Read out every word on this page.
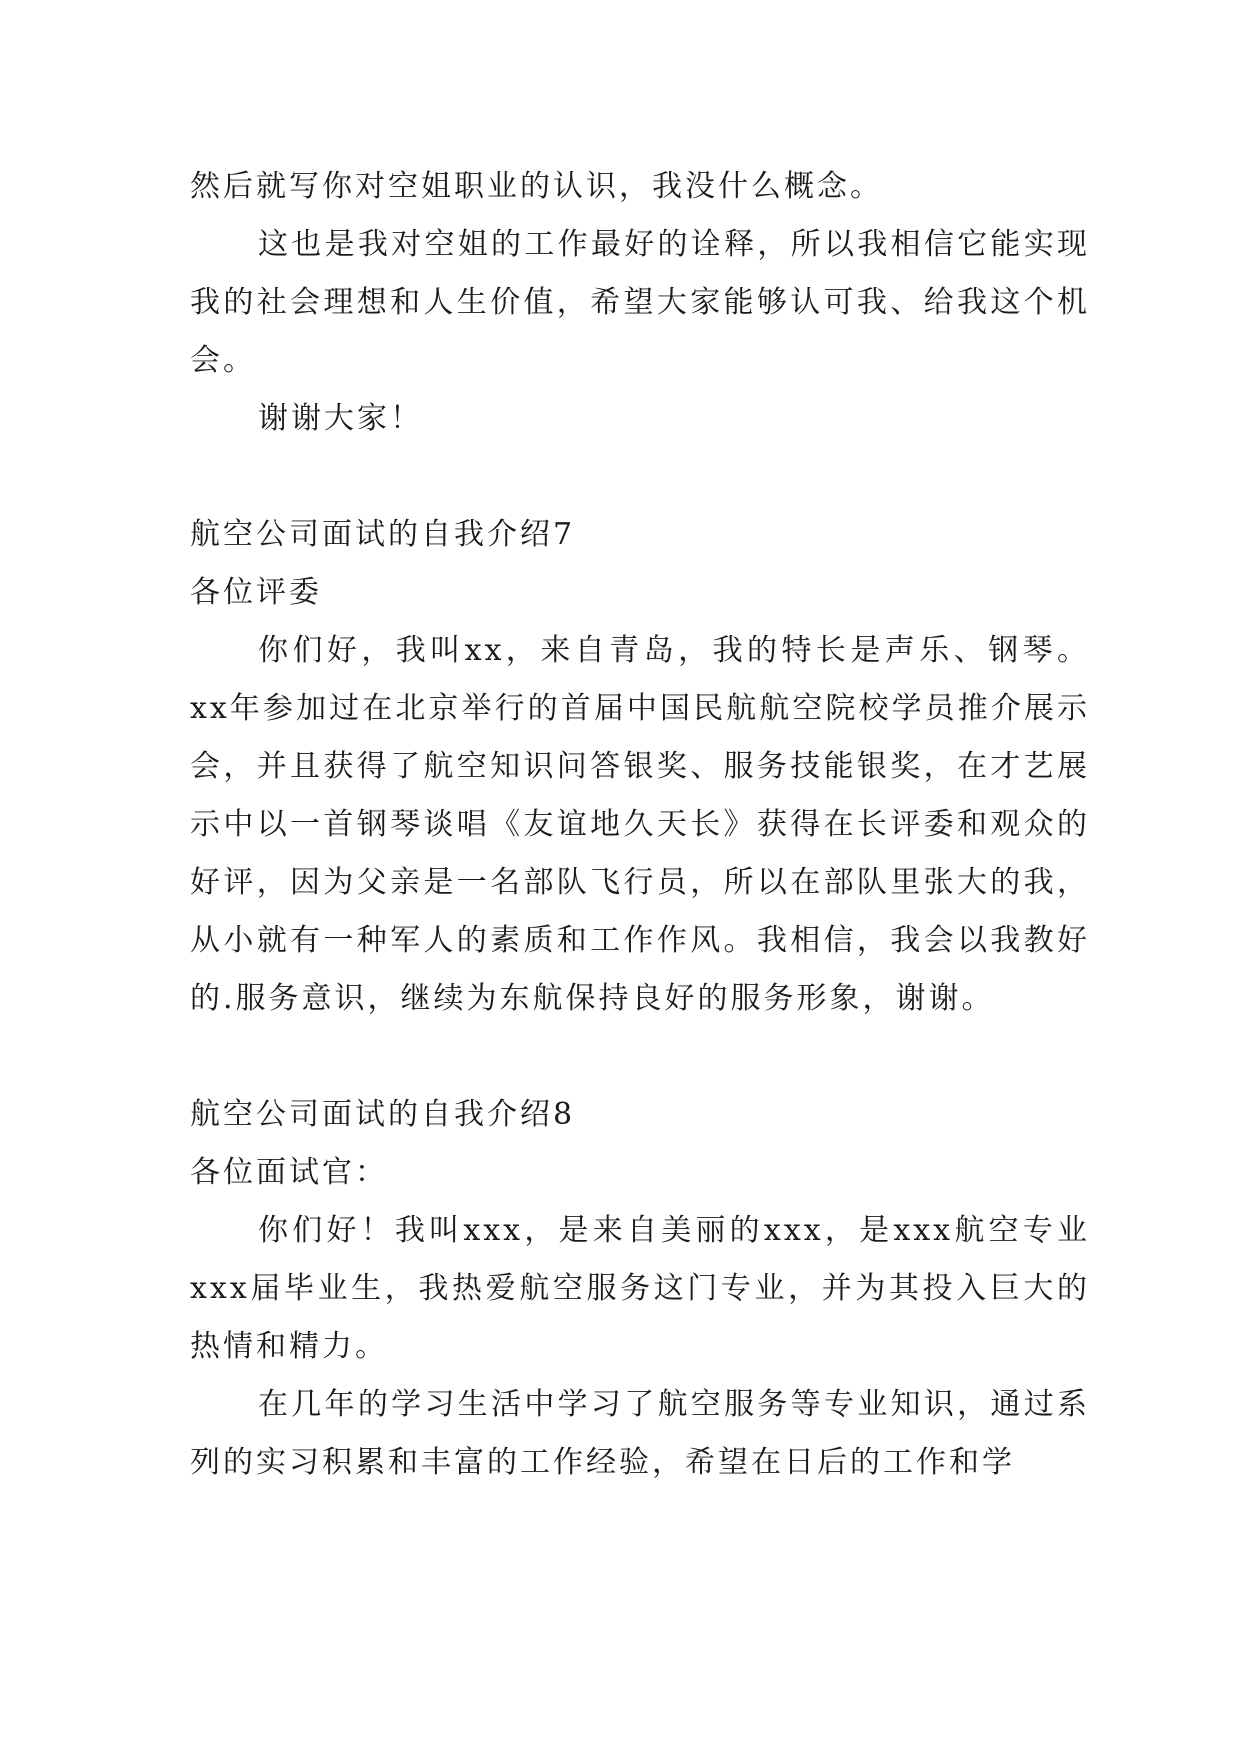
然后就写你对空姐职业的认识，我没什么概念。

这也是我对空姐的工作最好的诠释，所以我相信它能实现我的社会理想和人生价值，希望大家能够认可我、给我这个机会。

谢谢大家！

航空公司面试的自我介绍7

各位评委

你们好，我叫xx，来自青岛，我的特长是声乐、钢琴。xx年参加过在北京举行的首届中国民航航空院校学员推介展示会，并且获得了航空知识问答银奖、服务技能银奖，在才艺展示中以一首钢琴谈唱《友谊地久天长》获得在长评委和观众的好评，因为父亲是一名部队飞行员，所以在部队里张大的我，从小就有一种军人的素质和工作作风。我相信，我会以我教好的.服务意识，继续为东航保持良好的服务形象，谢谢。

航空公司面试的自我介绍8

各位面试官：

你们好！我叫xxx，是来自美丽的xxx，是xxx航空专业xxx届毕业生，我热爱航空服务这门专业，并为其投入巨大的热情和精力。

在几年的学习生活中学习了航空服务等专业知识，通过系列的实习积累和丰富的工作经验，希望在日后的工作和学
